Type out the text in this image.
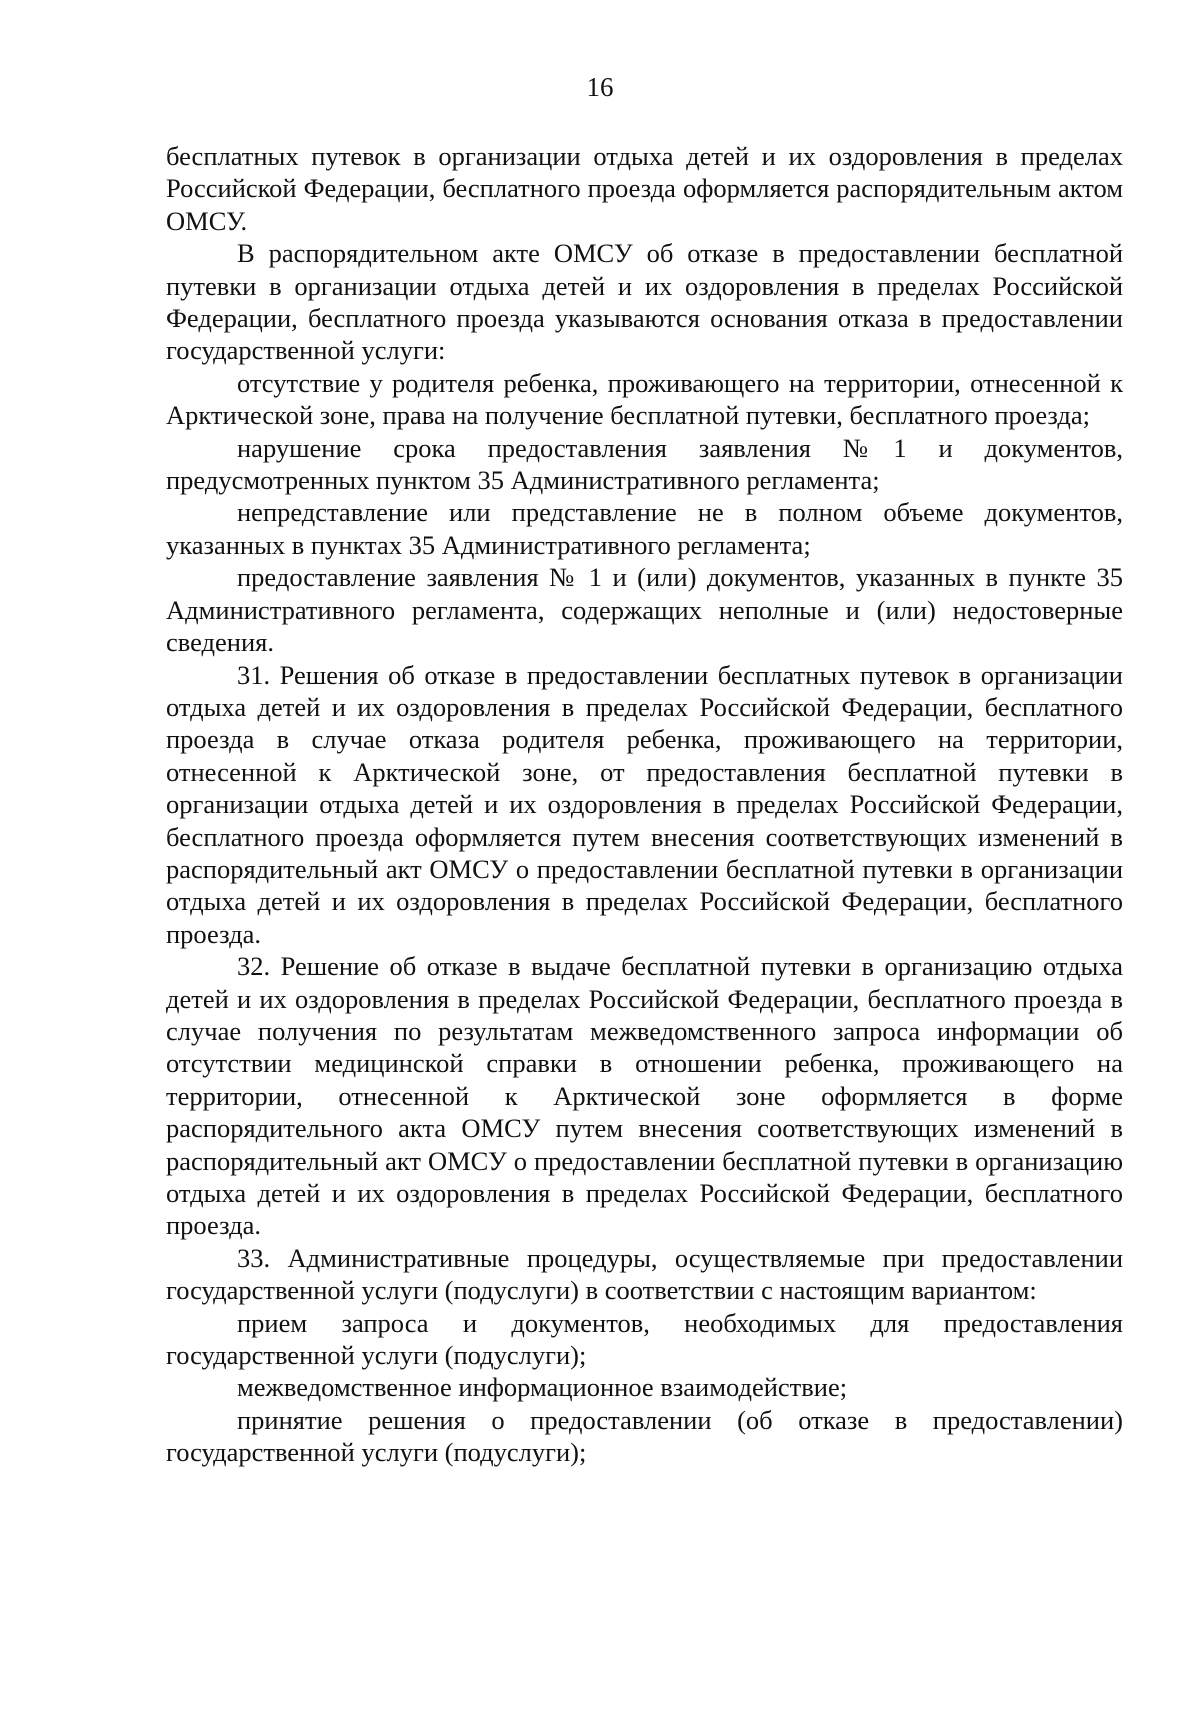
16

бесплатных путевок в организации отдыха детей и их оздоровления в пределах Российской Федерации, бесплатного проезда оформляется распорядительным актом ОМСУ.

В распорядительном акте ОМСУ об отказе в предоставлении бесплатной путевки в организации отдыха детей и их оздоровления в пределах Российской Федерации, бесплатного проезда указываются основания отказа в предоставлении государственной услуги:

отсутствие у родителя ребенка, проживающего на территории, отнесенной к Арктической зоне, права на получение бесплатной путевки, бесплатного проезда;

нарушение срока предоставления заявления №1 и документов, предусмотренных пунктом 35 Административного регламента;

непредставление или представление не в полном объеме документов, указанных в пунктах 35 Административного регламента;

предоставление заявления № 1 и (или) документов, указанных в пункте 35 Административного регламента, содержащих неполные и (или) недостоверные сведения.

31. Решения об отказе в предоставлении бесплатных путевок в организации отдыха детей и их оздоровления в пределах Российской Федерации, бесплатного проезда в случае отказа родителя ребенка, проживающего на территории, отнесенной к Арктической зоне, от предоставления бесплатной путевки в организации отдыха детей и их оздоровления в пределах Российской Федерации, бесплатного проезда оформляется путем внесения соответствующих изменений в распорядительный акт ОМСУ о предоставлении бесплатной путевки в организации отдыха детей и их оздоровления в пределах Российской Федерации, бесплатного проезда.

32. Решение об отказе в выдаче бесплатной путевки в организацию отдыха детей и их оздоровления в пределах Российской Федерации, бесплатного проезда в случае получения по результатам межведомственного запроса информации об отсутствии медицинской справки в отношении ребенка, проживающего на территории, отнесенной к Арктической зоне оформляется в форме распорядительного акта ОМСУ путем внесения соответствующих изменений в распорядительный акт ОМСУ о предоставлении бесплатной путевки в организацию отдыха детей и их оздоровления в пределах Российской Федерации, бесплатного проезда.

33. Административные процедуры, осуществляемые при предоставлении государственной услуги (подуслуги) в соответствии с настоящим вариантом:

прием запроса и документов, необходимых для предоставления государственной услуги (подуслуги);

межведомственное информационное взаимодействие;

принятие решения о предоставлении (об отказе в предоставлении) государственной услуги (подуслуги);
